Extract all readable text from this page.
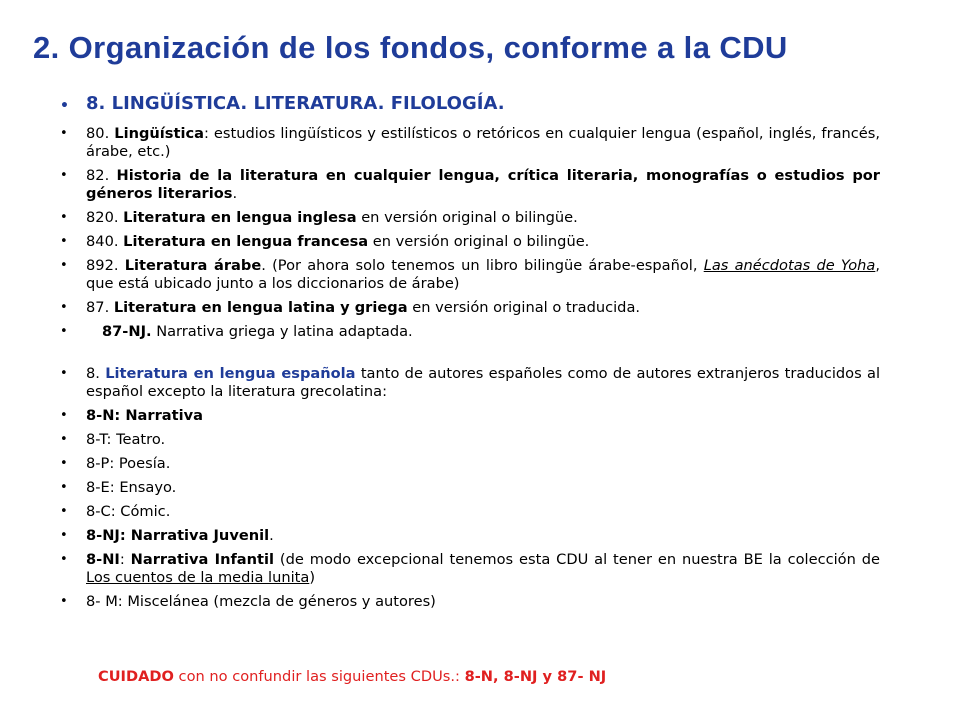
2. Organización de los fondos, conforme a la CDU
• 8. LINGÜÍSTICA. LITERATURA. FILOLOGÍA.
• 80. Lingüística: estudios lingüísticos y estilísticos o retóricos en cualquier lengua (español, inglés, francés, árabe, etc.)
• 82. Historia de la literatura en cualquier lengua, crítica literaria, monografías o estudios por géneros literarios.
• 820. Literatura en lengua inglesa en versión original o bilingüe.
• 840. Literatura en lengua francesa en versión original o bilingüe.
• 892. Literatura árabe. (Por ahora solo tenemos un libro bilingüe árabe-español, Las anécdotas de Yoha, que está ubicado junto a los diccionarios de árabe)
• 87. Literatura en lengua latina y griega en versión original o traducida.
• 87-NJ. Narrativa griega y latina adaptada.
• 8. Literatura en lengua española tanto de autores españoles como de autores extranjeros traducidos al español excepto la literatura grecolatina:
• 8-N: Narrativa
• 8-T: Teatro.
• 8-P: Poesía.
• 8-E: Ensayo.
• 8-C: Cómic.
• 8-NJ: Narrativa Juvenil.
• 8-NI: Narrativa Infantil (de modo excepcional tenemos esta CDU al tener en nuestra BE la colección de Los cuentos de la media lunita)
• 8- M: Miscelánea (mezcla de géneros y autores)
CUIDADO con no confundir las siguientes CDUs.: 8-N, 8-NJ y 87- NJ
